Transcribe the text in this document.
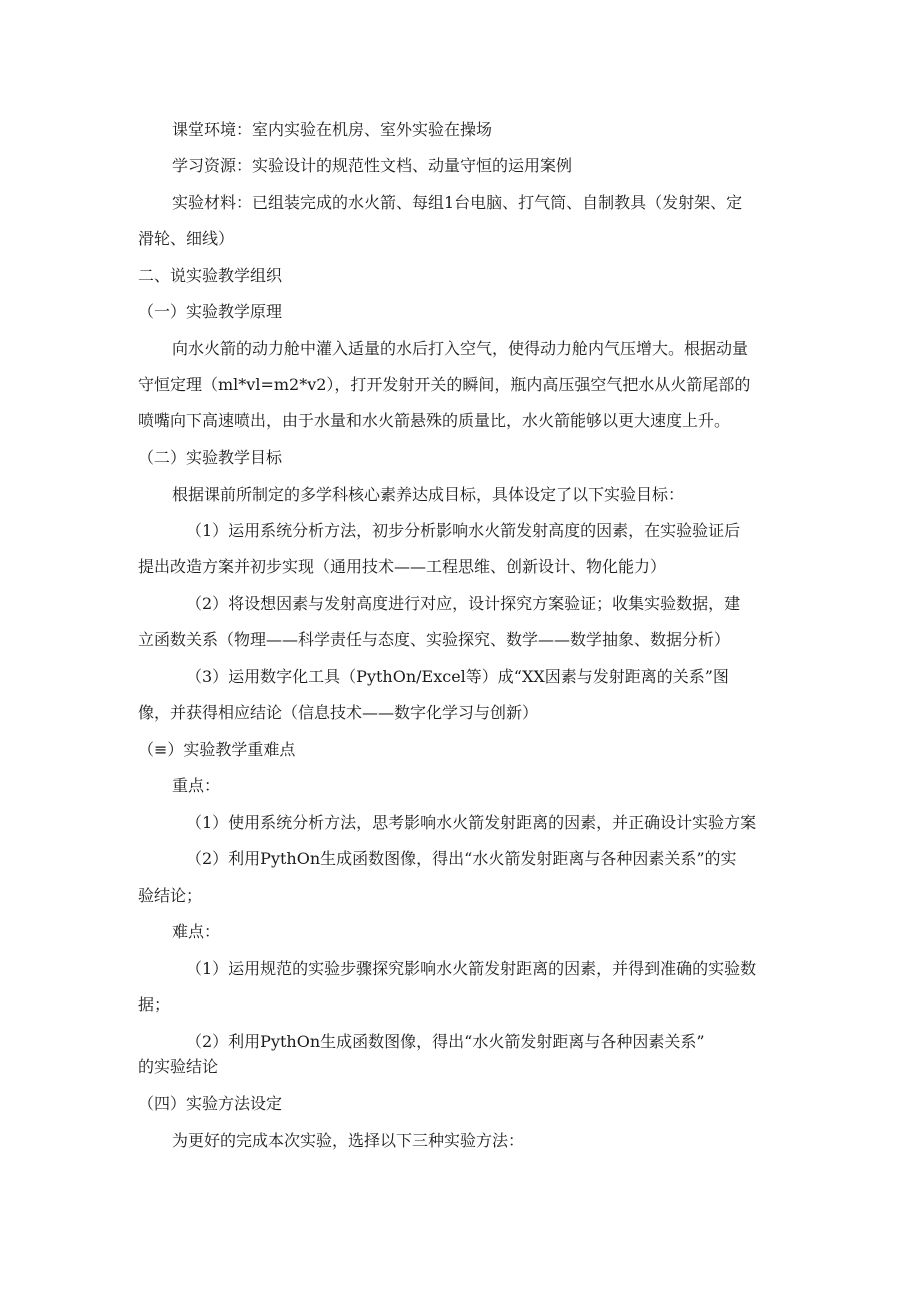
课堂环境：室内实验在机房、室外实验在操场
学习资源：实验设计的规范性文档、动量守恒的运用案例
实验材料：已组装完成的水火箭、每组1台电脑、打气筒、自制教具（发射架、定
滑轮、细线）
二、说实验教学组织
（一）实验教学原理
向水火箭的动力舱中灌入适量的水后打入空气，使得动力舱内气压增大。根据动量
守恒定理（ml*vl=m2*v2），打开发射开关的瞬间，瓶内高压强空气把水从火箭尾部的
喷嘴向下高速喷出，由于水量和水火箭悬殊的质量比，水火箭能够以更大速度上升。
（二）实验教学目标
根据课前所制定的多学科核心素养达成目标，具体设定了以下实验目标：
（1）运用系统分析方法，初步分析影响水火箭发射高度的因素，在实验验证后
提出改造方案并初步实现（通用技术——工程思维、创新设计、物化能力）
（2）将设想因素与发射高度进行对应，设计探究方案验证；收集实验数据，建
立函数关系（物理——科学责任与态度、实验探究、数学——数学抽象、数据分析）
（3）运用数字化工具（PythOn/Excel等）成“XX因素与发射距离的关系”图
像，并获得相应结论（信息技术——数字化学习与创新）
（≡）实验教学重难点
重点：
（1）使用系统分析方法，思考影响水火箭发射距离的因素，并正确设计实验方案
（2）利用PythOn生成函数图像，得出“水火箭发射距离与各种因素关系”的实
验结论；
难点：
（1）运用规范的实验步骤探究影响水火箭发射距离的因素，并得到准确的实验数
据；
（2）利用PythOn生成函数图像，得出“水火箭发射距离与各种因素关系”
的实验结论
（四）实验方法设定
为更好的完成本次实验，选择以下三种实验方法：
